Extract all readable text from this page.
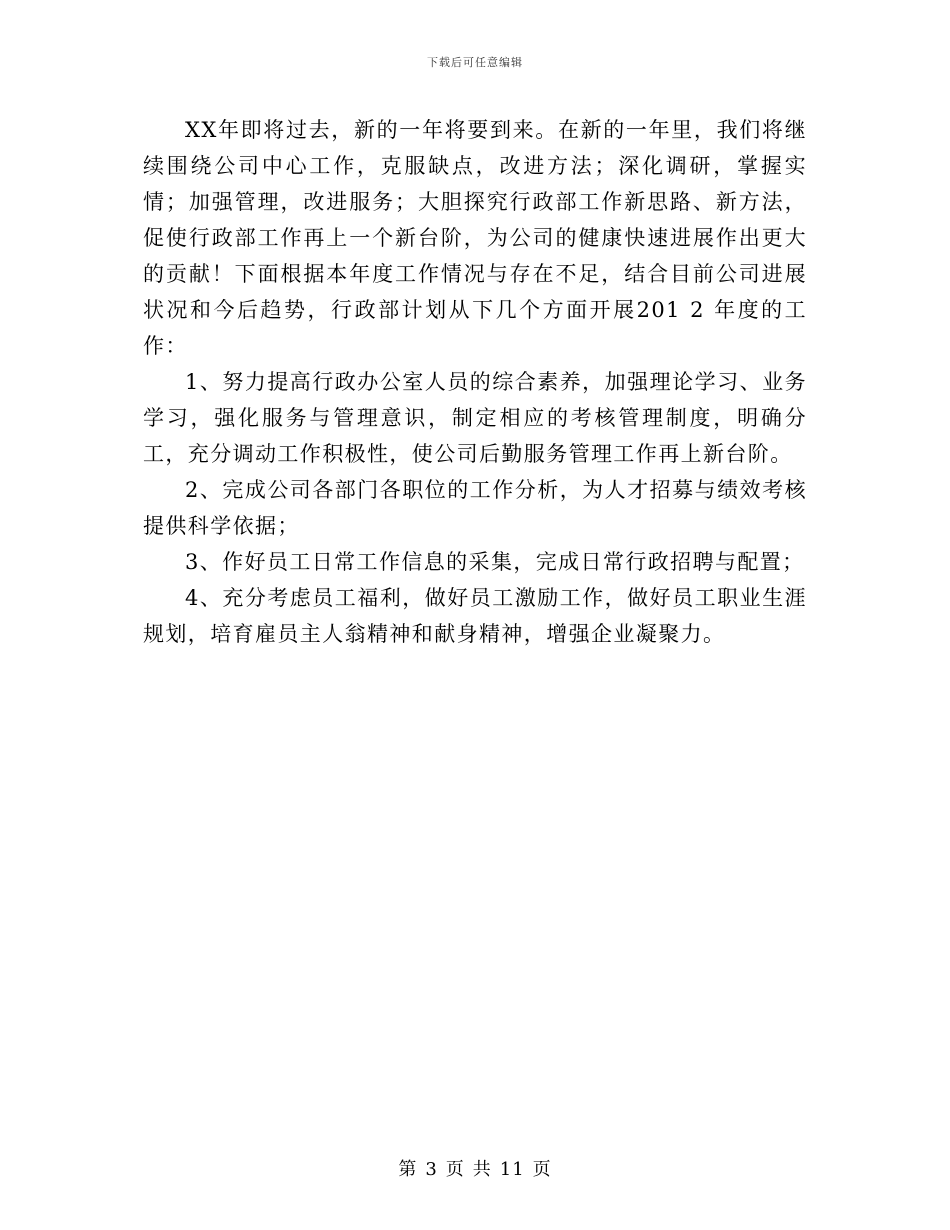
下载后可任意编辑

XX年即将过去，新的一年将要到来。在新的一年里，我们将继续围绕公司中心工作，克服缺点，改进方法；深化调研，掌握实情；加强管理，改进服务；大胆探究行政部工作新思路、新方法，促使行政部工作再上一个新台阶，为公司的健康快速进展作出更大的贡献！下面根据本年度工作情况与存在不足，结合目前公司进展状况和今后趋势，行政部计划从下几个方面开展201 2 年度的工作：

1、努力提高行政办公室人员的综合素养，加强理论学习、业务学习，强化服务与管理意识，制定相应的考核管理制度，明确分工，充分调动工作积极性，使公司后勤服务管理工作再上新台阶。

2、完成公司各部门各职位的工作分析，为人才招募与绩效考核提供科学依据；

3、作好员工日常工作信息的采集，完成日常行政招聘与配置；

4、充分考虑员工福利，做好员工激励工作，做好员工职业生涯规划，培育雇员主人翁精神和献身精神，增强企业凝聚力。

第 3 页 共 11 页
